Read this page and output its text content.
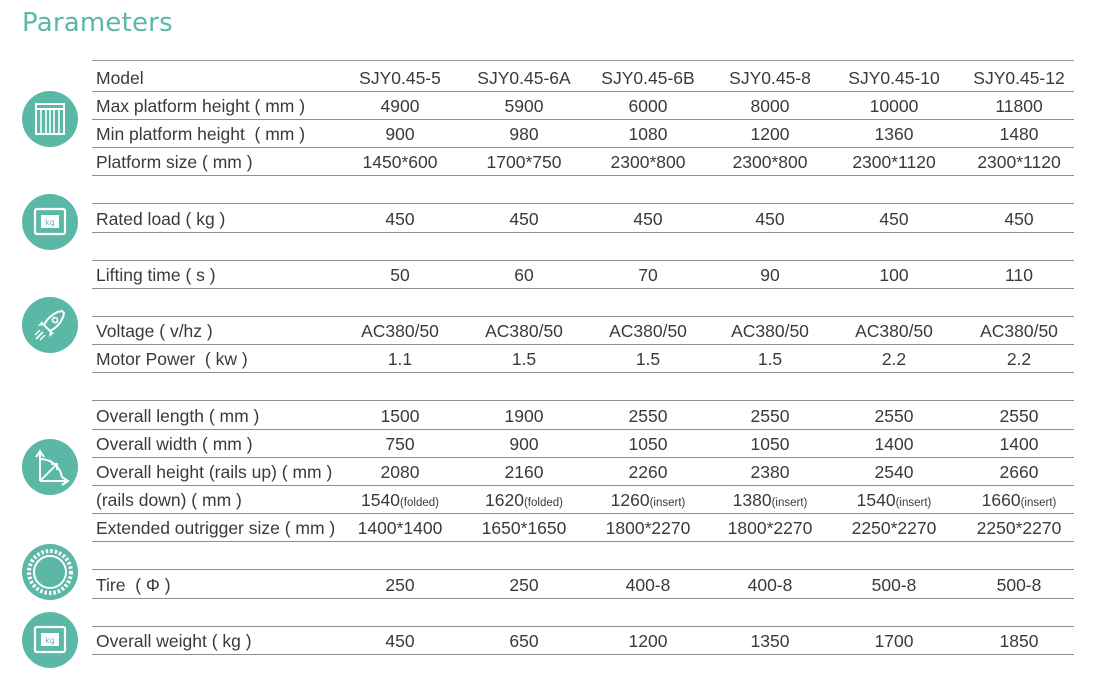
Parameters
kg
kg
Model	SJY0.45-5	SJY0.45-6A	SJY0.45-6B	SJY0.45-8	SJY0.45-10	SJY0.45-12
Max platform height ( mm )	4900	5900	6000	8000	10000	11800
Min platform height  ( mm )	900	980	1080	1200	1360	1480
Platform size ( mm )	1450*600	1700*750	2300*800	2300*800	2300*1120	2300*1120
Rated load ( kg )	450	450	450	450	450	450
Lifting time ( s )	50	60	70	90	100	110
Voltage ( v/hz )	AC380/50	AC380/50	AC380/50	AC380/50	AC380/50	AC380/50
Motor Power  ( kw )	1.1	1.5	1.5	1.5	2.2	2.2
Overall length ( mm )	1500	1900	2550	2550	2550	2550
Overall width ( mm )	750	900	1050	1050	1400	1400
Overall height (rails up) ( mm )	2080	2160	2260	2380	2540	2660
(rails down) ( mm )	1540(folded)	1620(folded)	1260(insert)	1380(insert)	1540(insert)	1660(insert)
Extended outrigger size ( mm )	1400*1400	1650*1650	1800*2270	1800*2270	2250*2270	2250*2270
Tire  ( Φ )	250	250	400-8	400-8	500-8	500-8
Overall weight ( kg )	450	650	1200	1350	1700	1850
